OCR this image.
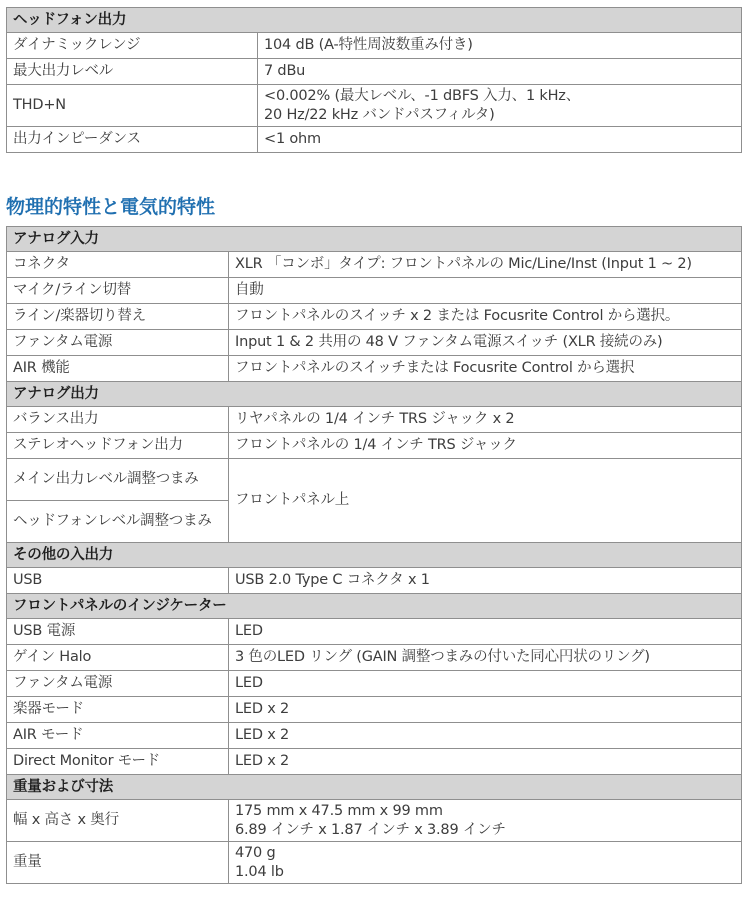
ヘッドフォン出力	
ダイナミックレンジ	104 dB (A-特性周波数重み付き)
最大出力レベル	7 dBu
THD+N	<0.002% (最大レベル、-1 dBFS 入力、1 kHz、
20 Hz/22 kHz バンドパスフィルタ)

出力インピーダンス	<1 ohm
物理的特性と電気的特性
アナログ入力	
コネクタ	XLR 「コンボ」タイプ: フロントパネルの Mic/Line/Inst (Input 1 ~ 2)
マイク/ライン切替	自動
ライン/楽器切り替え	フロントパネルのスイッチ x 2 または Focusrite Control から選択。
ファンタム電源	Input 1 & 2 共用の 48 V ファンタム電源スイッチ (XLR 接続のみ)
AIR 機能	フロントパネルのスイッチまたは Focusrite Control から選択
アナログ出力	
バランス出力	リヤパネルの 1/4 インチ TRS ジャック x 2
ステレオヘッドフォン出力	フロントパネルの 1/4 インチ TRS ジャック
メイン出力レベル調整つまみ	フロントパネル上
ヘッドフォンレベル調整つまみ	
その他の入出力	
USB	USB 2.0 Type C コネクタ x 1
フロントパネルのインジケーター	
USB 電源	LED
ゲイン Halo	3 色のLED リング (GAIN 調整つまみの付いた同心円状のリング)
ファンタム電源	LED
楽器モード	LED x 2
AIR モード	LED x 2
Direct Monitor モード	LED x 2
重量および寸法	
幅 x 高さ x 奥行	175 mm x 47.5 mm x 99 mm
6.89 インチ x 1.87 インチ x 3.89 インチ

重量	470 g
1.04 lb
